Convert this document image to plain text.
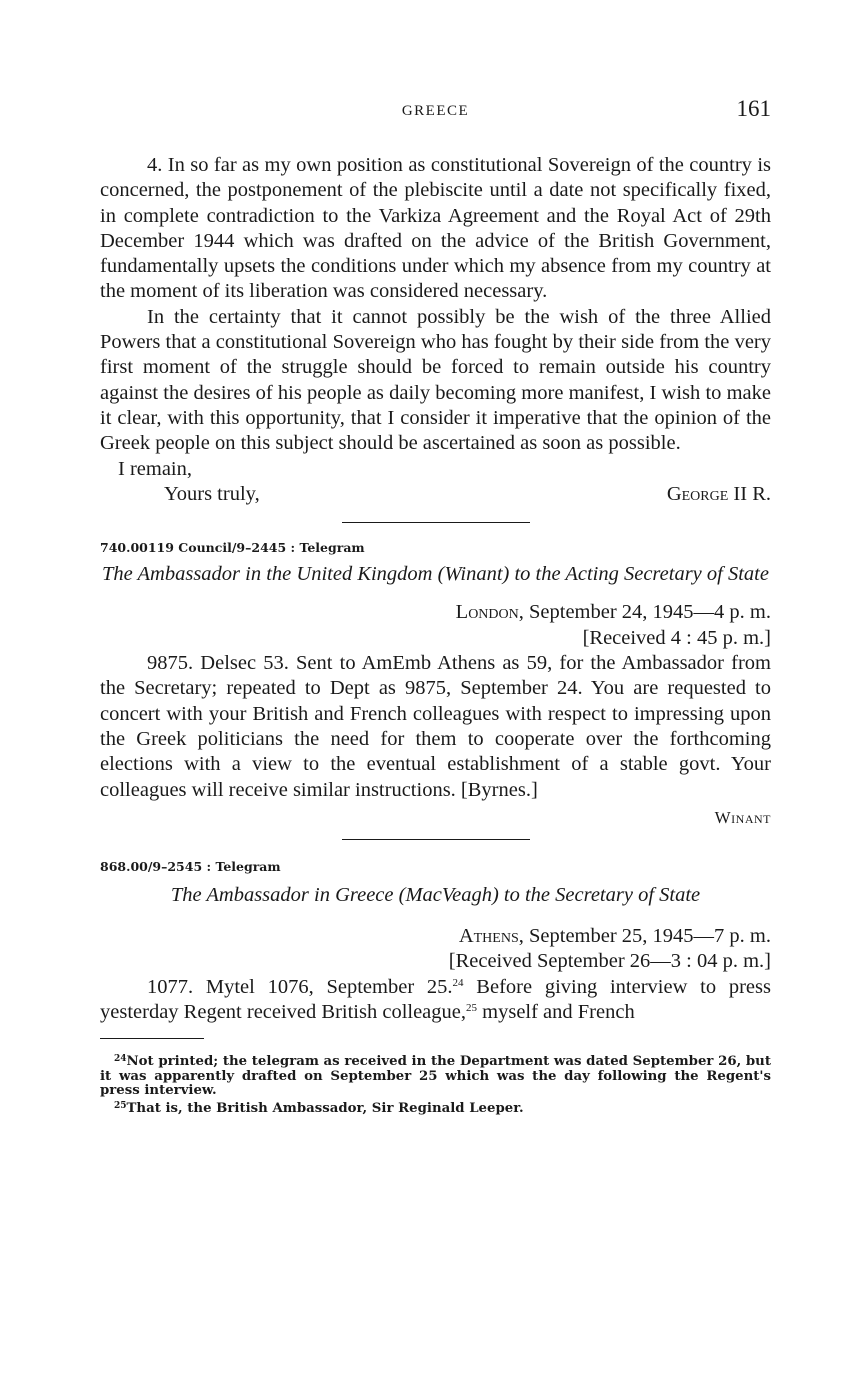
GREECE	161

4. In so far as my own position as constitutional Sovereign of the country is concerned, the postponement of the plebiscite until a date not specifically fixed, in complete contradiction to the Varkiza Agreement and the Royal Act of 29th December 1944 which was drafted on the advice of the British Government, fundamentally upsets the conditions under which my absence from my country at the moment of its liberation was considered necessary.

In the certainty that it cannot possibly be the wish of the three Allied Powers that a constitutional Sovereign who has fought by their side from the very first moment of the struggle should be forced to remain outside his country against the desires of his people as daily becoming more manifest, I wish to make it clear, with this opportunity, that I consider it imperative that the opinion of the Greek people on this subject should be ascertained as soon as possible.

I remain,
Yours truly,	George II R.
740.00119 Council/9–2445 : Telegram
The Ambassador in the United Kingdom (Winant) to the Acting Secretary of State
London, September 24, 1945—4 p. m.
[Received 4 : 45 p. m.]

9875. Delsec 53. Sent to AmEmb Athens as 59, for the Ambassador from the Secretary; repeated to Dept as 9875, September 24. You are requested to concert with your British and French colleagues with respect to impressing upon the Greek politicians the need for them to cooperate over the forthcoming elections with a view to the eventual establishment of a stable govt. Your colleagues will receive similar instructions. [Byrnes.]

Winant
868.00/9–2545 : Telegram
The Ambassador in Greece (MacVeagh) to the Secretary of State
Athens, September 25, 1945—7 p. m.
[Received September 26—3 : 04 p. m.]

1077. Mytel 1076, September 25.24 Before giving interview to press yesterday Regent received British colleague,$^{25}$ myself and French

$^{24}$Not printed; the telegram as received in the Department was dated September 26, but it was apparently drafted on September 25 which was the day following the Regent's press interview.

$^{25}$That is, the British Ambassador, Sir Reginald Leeper.
